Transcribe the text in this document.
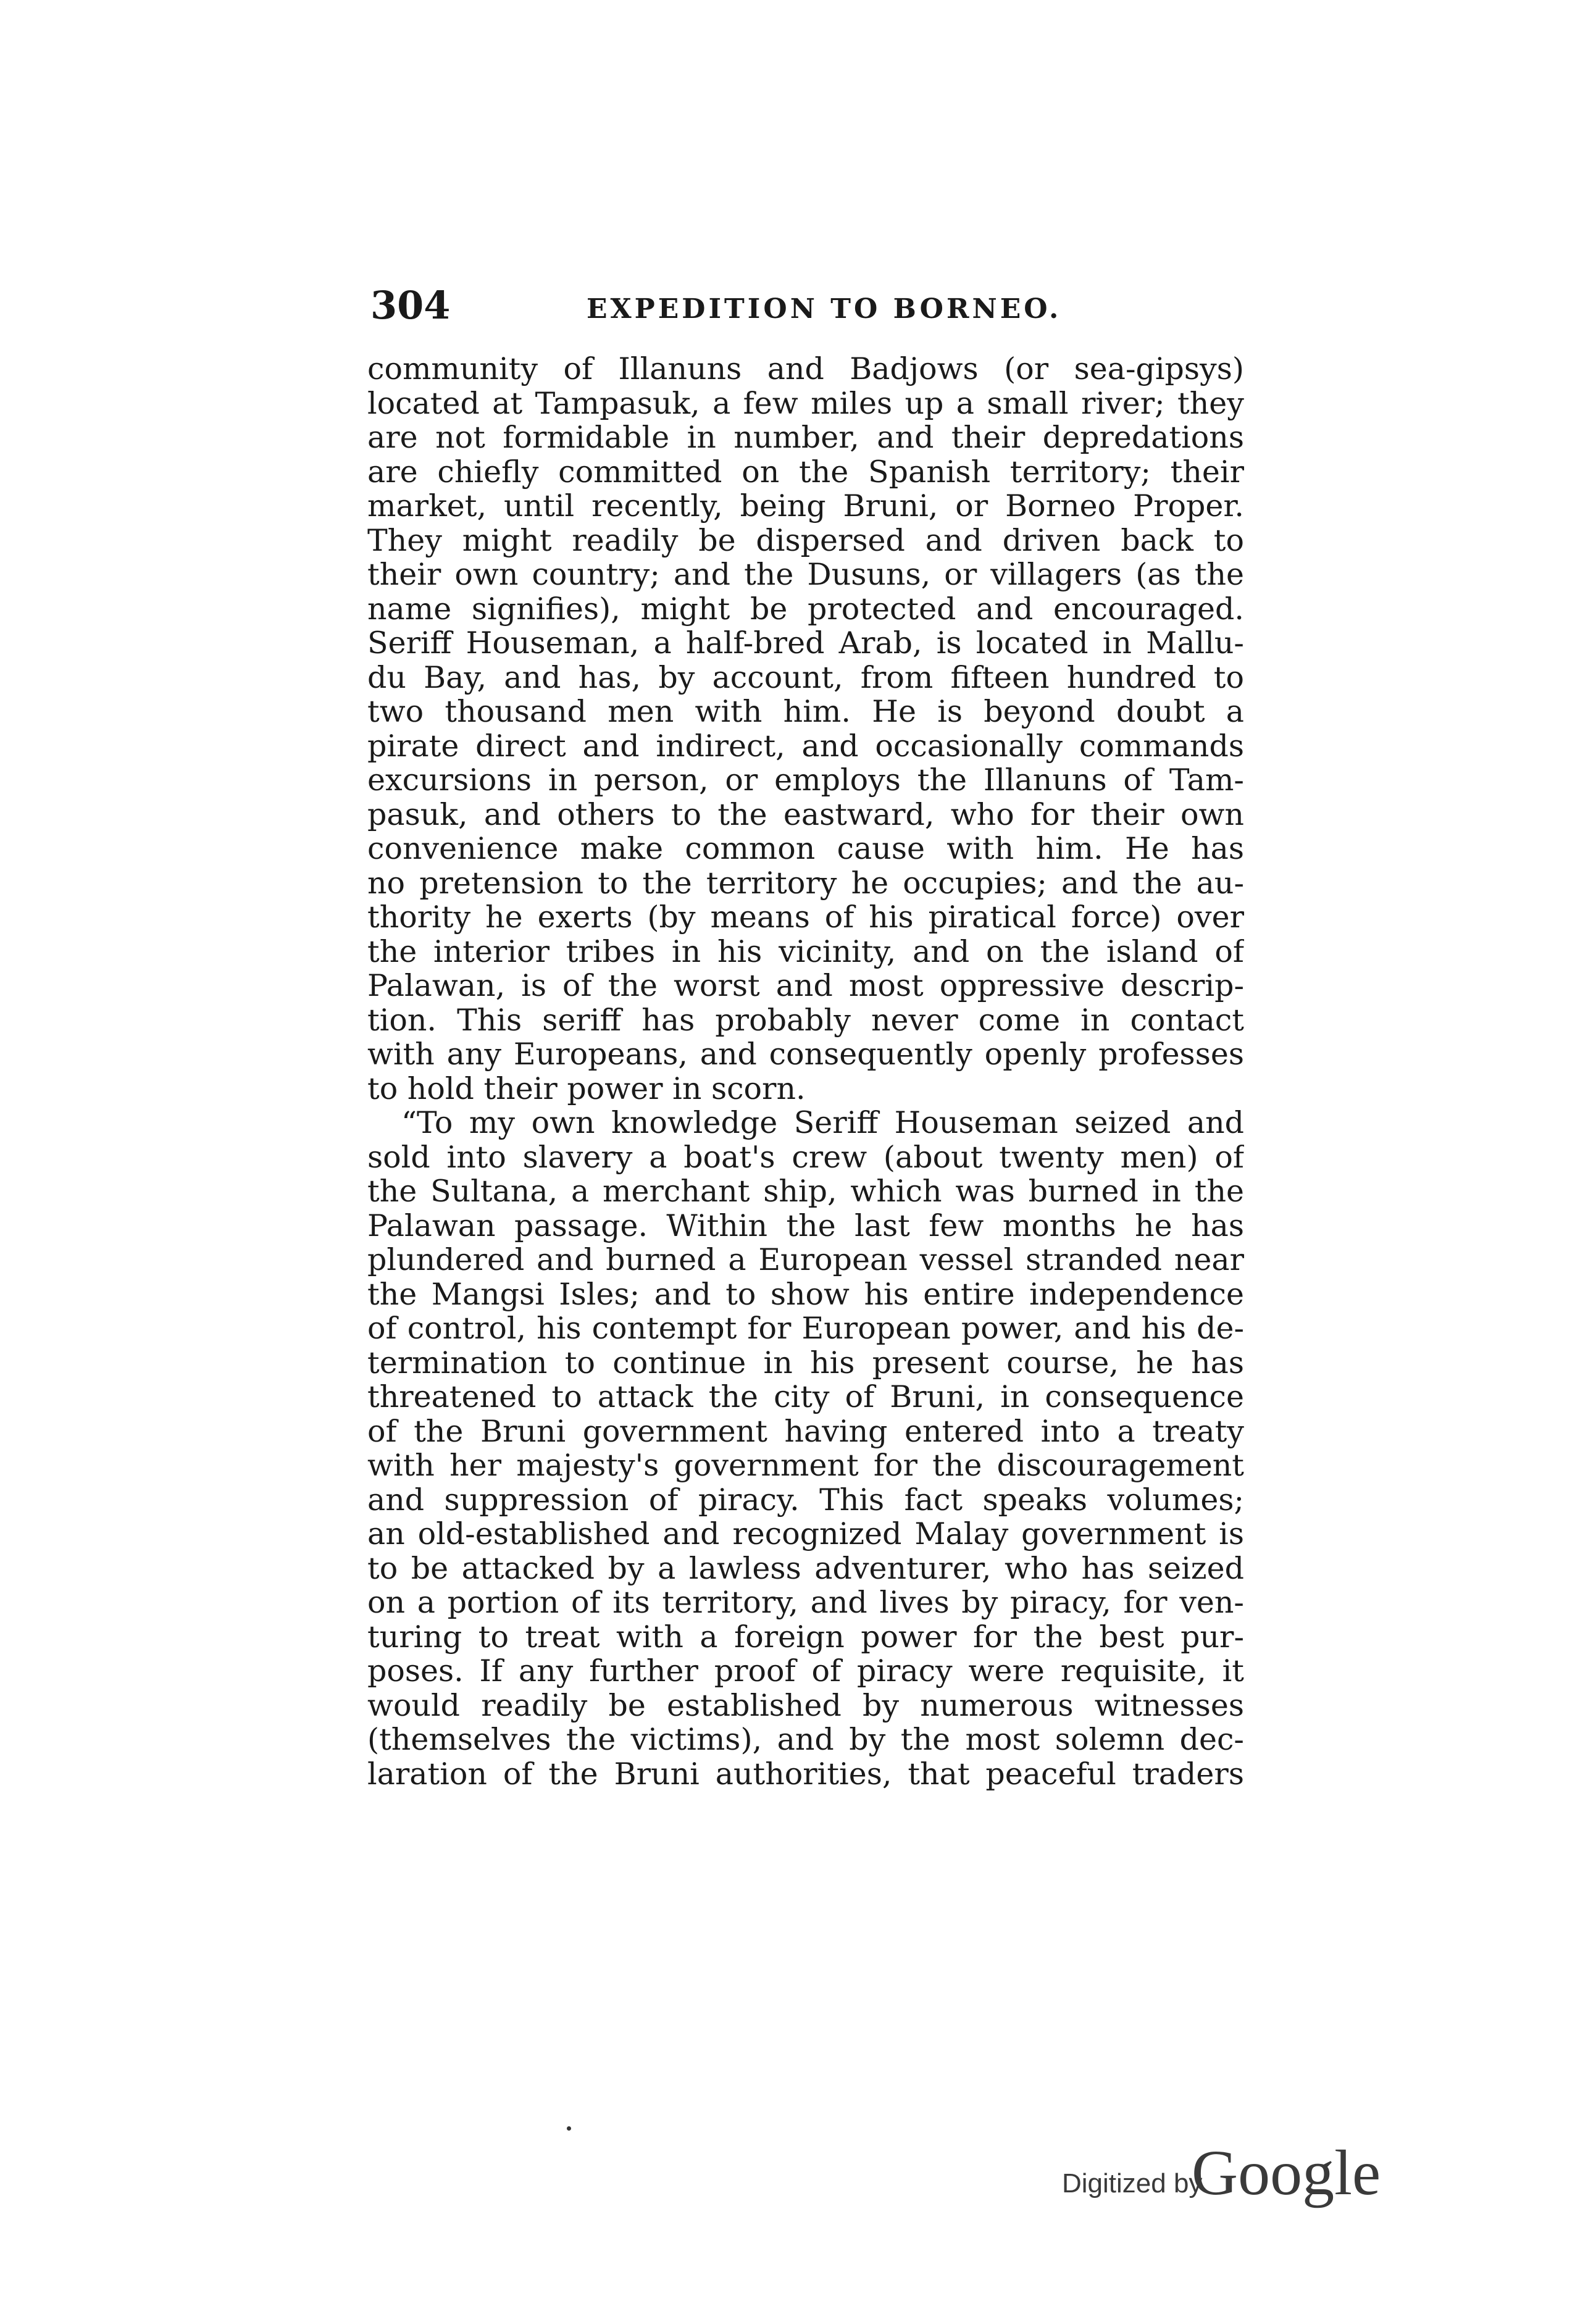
304	EXPEDITION TO BORNEO.
community of Illanuns and Badjows (or sea-gipsys)
located at Tampasuk, a few miles up a small river; they
are not formidable in number, and their depredations
are chiefly committed on the Spanish territory; their
market, until recently, being Bruni, or Borneo Proper.
They might readily be dispersed and driven back to
their own country; and the Dusuns, or villagers (as the
name signifies), might be protected and encouraged.
Seriff Houseman, a half-bred Arab, is located in Mallu-
du Bay, and has, by account, from fifteen hundred to
two thousand men with him. He is beyond doubt a
pirate direct and indirect, and occasionally commands
excursions in person, or employs the Illanuns of Tam-
pasuk, and others to the eastward, who for their own
convenience make common cause with him. He has
no pretension to the territory he occupies; and the au-
thority he exerts (by means of his piratical force) over
the interior tribes in his vicinity, and on the island of
Palawan, is of the worst and most oppressive descrip-
tion. This seriff has probably never come in contact
with any Europeans, and consequently openly professes
to hold their power in scorn.
“To my own knowledge Seriff Houseman seized and
sold into slavery a boat's crew (about twenty men) of
the Sultana, a merchant ship, which was burned in the
Palawan passage. Within the last few months he has
plundered and burned a European vessel stranded near
the Mangsi Isles; and to show his entire independence
of control, his contempt for European power, and his de-
termination to continue in his present course, he has
threatened to attack the city of Bruni, in consequence
of the Bruni government having entered into a treaty
with her majesty's government for the discouragement
and suppression of piracy. This fact speaks volumes;
an old-established and recognized Malay government is
to be attacked by a lawless adventurer, who has seized
on a portion of its territory, and lives by piracy, for ven-
turing to treat with a foreign power for the best pur-
poses. If any further proof of piracy were requisite, it
would readily be established by numerous witnesses
(themselves the victims), and by the most solemn dec-
laration of the Bruni authorities, that peaceful traders
Digitized by
Google
